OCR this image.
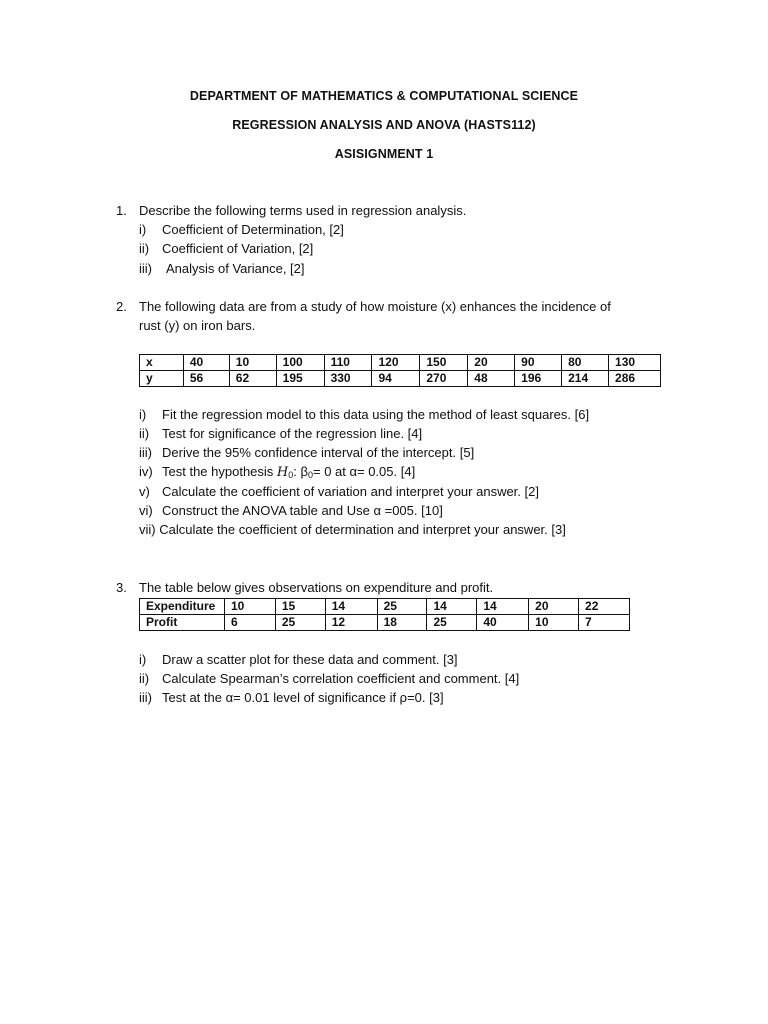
DEPARTMENT OF MATHEMATICS & COMPUTATIONAL SCIENCE
REGRESSION ANALYSIS AND ANOVA (HASTS112)
ASISIGNMENT 1
1. Describe the following terms used in regression analysis.
i) Coefficient of Determination, [2]
ii) Coefficient of Variation, [2]
iii) Analysis of Variance, [2]
2. The following data are from a study of how moisture (x) enhances the incidence of
rust (y) on iron bars.
x	40	10	100	110	120	150	20	90	80	130
y	56	62	195	330	94	270	48	196	214	286
i) Fit the regression model to this data using the method of least squares. [6]
ii) Test for significance of the regression line. [4]
iii) Derive the 95% confidence interval of the intercept. [5]
iv) Test the hypothesis $H_0$: $\beta_0= 0$ at α= 0.05. [4]
v) Calculate the coefficient of variation and interpret your answer. [2]
vi) Construct the ANOVA table and Use α =005. [10]
vii) Calculate the coefficient of determination and interpret your answer. [3]
3. The table below gives observations on expenditure and profit.
Expenditure	10	15	14	25	14	14	20	22
Profit	6	25	12	18	25	40	10	7
i) Draw a scatter plot for these data and comment. [3]
ii) Calculate Spearman’s correlation coefficient and comment. [4]
iii) Test at the α= 0.01 level of significance if ρ=0. [3]
